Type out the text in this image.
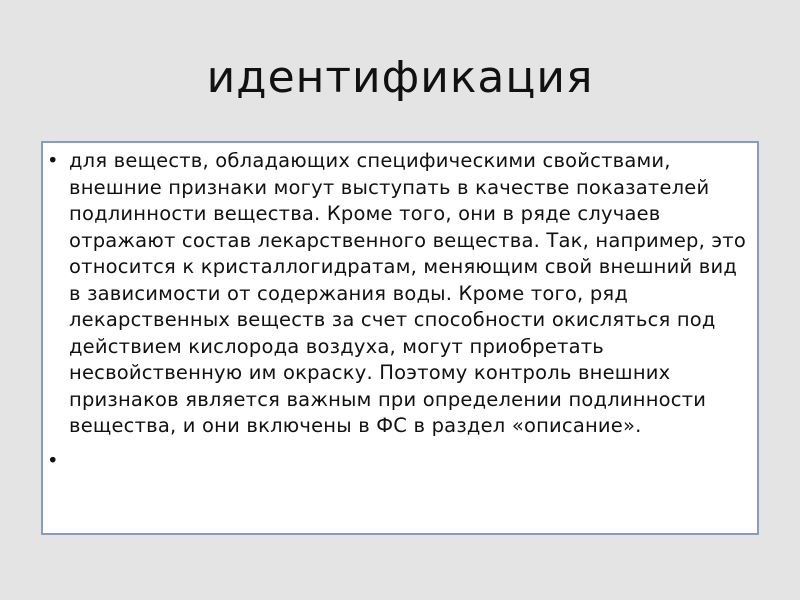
идентификация
• для веществ, обладающих специфическими свойствами, внешние признаки могут выступать в качестве показателей подлинности вещества. Кроме того, они в ряде случаев отражают состав лекарственного вещества. Так, например, это относится к кристаллогидратам, меняющим свой внешний вид в зависимости от содержания воды. Кроме того, ряд лекарственных веществ за счет способности окисляться под действием кислорода воздуха, могут приобретать несвойственную им окраску. Поэтому контроль внешних признаков является важным при определении подлинности вещества, и они включены в ФС в раздел «описание».
•
